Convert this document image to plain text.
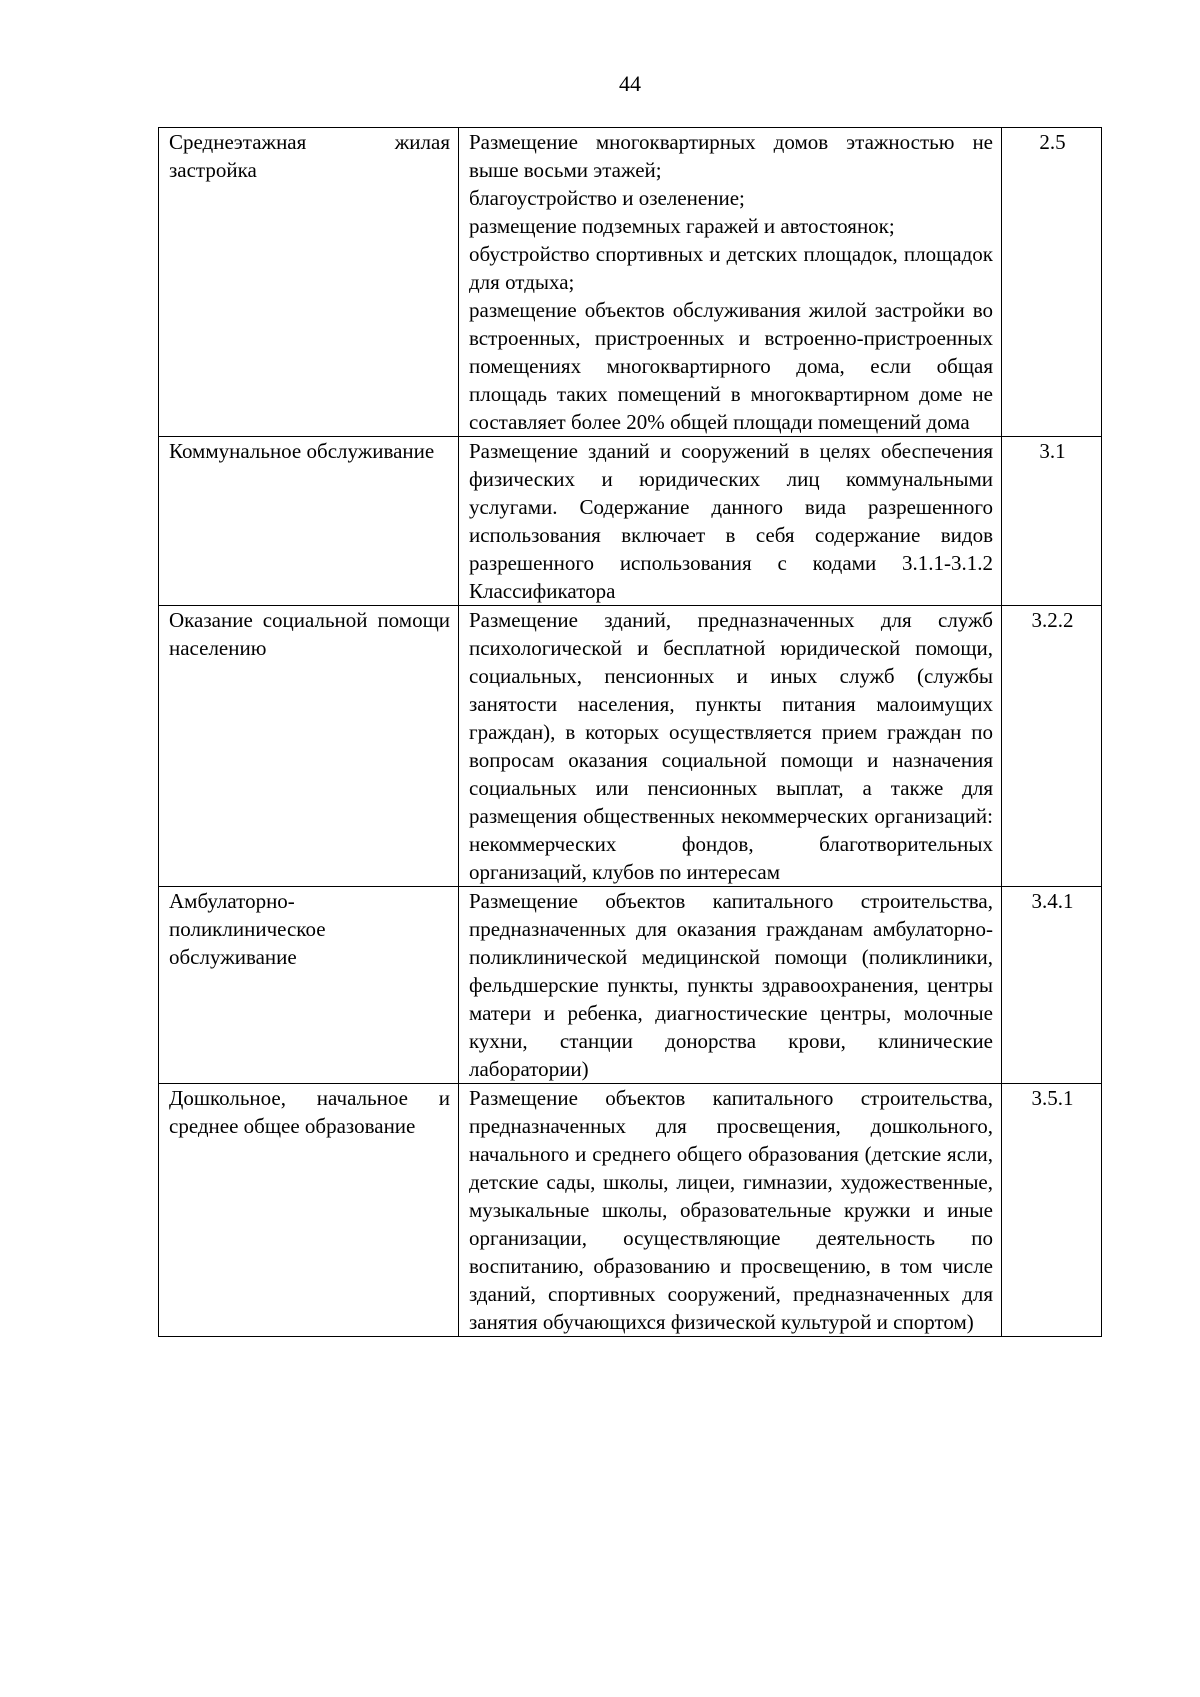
44
Среднеэтажная жилая застройка	Размещение многоквартирных домов этажностью не выше восьми этажей;
благоустройство и озеленение;
размещение подземных гаражей и автостоянок;
обустройство спортивных и детских площадок, площадок для отдыха;
размещение объектов обслуживания жилой застройки во встроенных, пристроенных и встроенно-пристроенных помещениях многоквартирного дома, если общая площадь таких помещений в многоквартирном доме не составляет более 20% общей площади помещений дома	2.5
Коммунальное обслуживание	Размещение зданий и сооружений в целях обеспечения физических и юридических лиц коммунальными услугами. Содержание данного вида разрешенного использования включает в себя содержание видов разрешенного использования с кодами 3.1.1-3.1.2 Классификатора	3.1
Оказание социальной помощи населению	Размещение зданий, предназначенных для служб психологической и бесплатной юридической помощи, социальных, пенсионных и иных служб (службы занятости населения, пункты питания малоимущих граждан), в которых осуществляется прием граждан по вопросам оказания социальной помощи и назначения социальных или пенсионных выплат, а также для размещения общественных некоммерческих организаций: некоммерческих фондов, благотворительных организаций, клубов по интересам	3.2.2
Амбулаторно-поликлиническое обслуживание	Размещение объектов капитального строительства, предназначенных для оказания гражданам амбулаторно-поликлинической медицинской помощи (поликлиники, фельдшерские пункты, пункты здравоохранения, центры матери и ребенка, диагностические центры, молочные кухни, станции донорства крови, клинические лаборатории)	3.4.1
Дошкольное, начальное и среднее общее образование	Размещение объектов капитального строительства, предназначенных для просвещения, дошкольного, начального и среднего общего образования (детские ясли, детские сады, школы, лицеи, гимназии, художественные, музыкальные школы, образовательные кружки и иные организации, осуществляющие деятельность по воспитанию, образованию и просвещению, в том числе зданий, спортивных сооружений, предназначенных для занятия обучающихся физической культурой и спортом)	3.5.1
